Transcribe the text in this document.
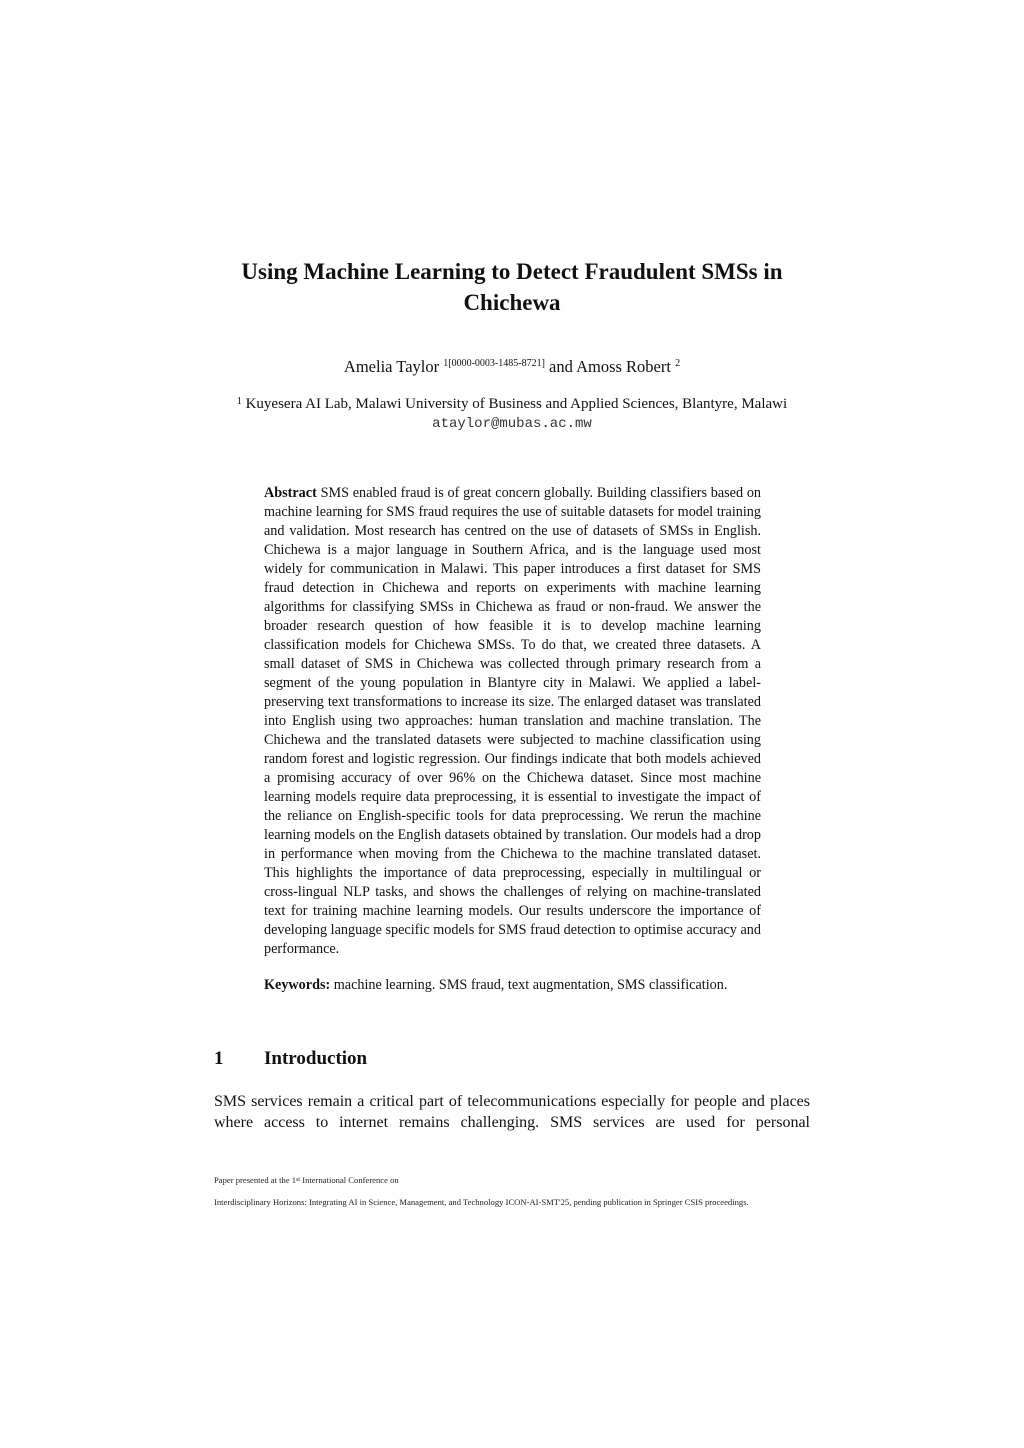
Using Machine Learning to Detect Fraudulent SMSs in
Chichewa
Amelia Taylor $^{1[0000-0003-1485-8721]}$ and Amoss Robert $^2$
$^1$ Kuyesera AI Lab, Malawi University of Business and Applied Sciences, Blantyre, Malawi
ataylor@mubas.ac.mw
Abstract SMS enabled fraud is of great concern globally. Building classifiers based on machine learning for SMS fraud requires the use of suitable datasets for model training and validation. Most research has centred on the use of datasets of SMSs in English. Chichewa is a major language in Southern Africa, and is the language used most widely for communication in Malawi. This paper introduces a first dataset for SMS fraud detection in Chichewa and reports on experiments with machine learning algorithms for classifying SMSs in Chichewa as fraud or non-fraud. We answer the broader research question of how feasible it is to develop machine learning classification models for Chichewa SMSs. To do that, we created three datasets. A small dataset of SMS in Chichewa was collected through primary research from a segment of the young population in Blantyre city in Malawi. We applied a label-preserving text transformations to increase its size. The enlarged dataset was translated into English using two approaches: human translation and machine translation. The Chichewa and the translated datasets were subjected to machine classification using random forest and logistic regression. Our findings indicate that both models achieved a promising accuracy of over 96% on the Chichewa dataset. Since most machine learning models require data preprocessing, it is essential to investigate the impact of the reliance on English-specific tools for data preprocessing. We rerun the machine learning models on the English datasets obtained by translation. Our models had a drop in performance when moving from the Chichewa to the machine translated dataset. This highlights the importance of data preprocessing, especially in multilingual or cross-lingual NLP tasks, and shows the challenges of relying on machine-translated text for training machine learning models. Our results underscore the importance of developing language specific models for SMS fraud detection to optimise accuracy and performance.
Keywords: machine learning. SMS fraud, text augmentation, SMS classification.
1 Introduction
SMS services remain a critical part of telecommunications especially for people and places where access to internet remains challenging. SMS services are used for personal
Paper presented at the 1st International Conference on
Interdisciplinary Horizons: Integrating AI in Science, Management, and Technology ICON-AI-SMT'25, pending publication in Springer CSIS proceedings.
